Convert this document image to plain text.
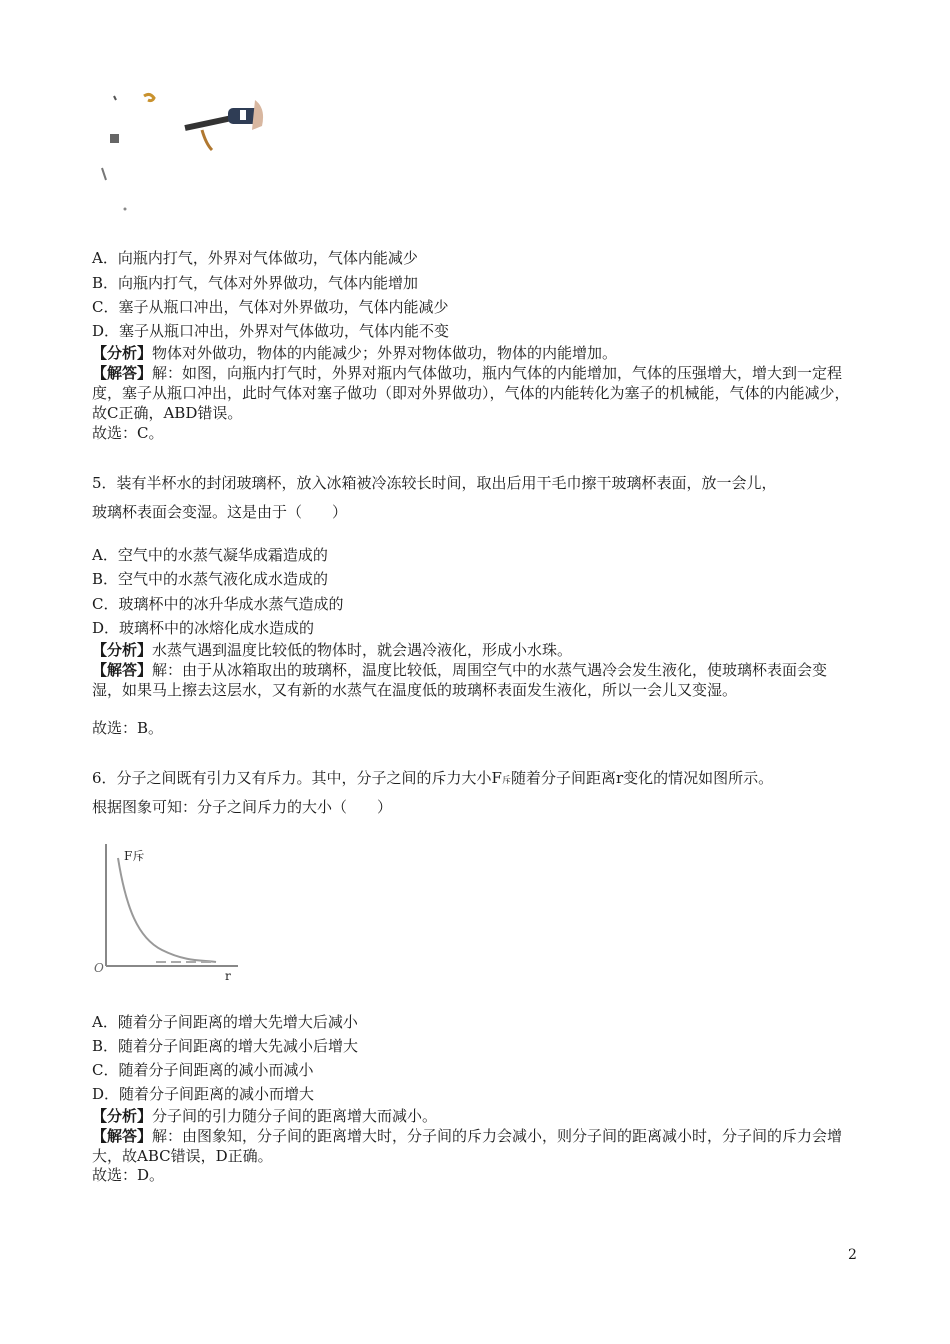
A．向瓶内打气，外界对气体做功，气体内能减少
B．向瓶内打气，气体对外界做功，气体内能增加
C．塞子从瓶口冲出，气体对外界做功，气体内能减少
D．塞子从瓶口冲出，外界对气体做功，气体内能不变
【分析】物体对外做功，物体的内能减少；外界对物体做功，物体的内能增加。
【解答】解：如图，向瓶内打气时，外界对瓶内气体做功，瓶内气体的内能增加，气体的压强增大，增大到一定程度，塞子从瓶口冲出，此时气体对塞子做功（即对外界做功），气体的内能转化为塞子的机械能，气体的内能减少，故C正确，ABD错误。
故选：C。
5．装有半杯水的封闭玻璃杯，放入冰箱被冷冻较长时间，取出后用干毛巾擦干玻璃杯表面，放一会儿，
玻璃杯表面会变湿。这是由于（　　）
A．空气中的水蒸气凝华成霜造成的
B．空气中的水蒸气液化成水造成的
C．玻璃杯中的冰升华成水蒸气造成的
D．玻璃杯中的冰熔化成水造成的
【分析】水蒸气遇到温度比较低的物体时，就会遇冷液化，形成小水珠。
【解答】解：由于从冰箱取出的玻璃杯，温度比较低，周围空气中的水蒸气遇冷会发生液化，使玻璃杯表面会变湿，如果马上擦去这层水，又有新的水蒸气在温度低的玻璃杯表面发生液化，所以一会儿又变湿。
故选：B。
6．分子之间既有引力又有斥力。其中，分子之间的斥力大小F斥随着分子间距离r变化的情况如图所示。
根据图象可知：分子之间斥力的大小（　　）
F斥
O
r
A．随着分子间距离的增大先增大后减小
B．随着分子间距离的增大先减小后增大
C．随着分子间距离的减小而减小
D．随着分子间距离的减小而增大
【分析】分子间的引力随分子间的距离增大而减小。
【解答】解：由图象知，分子间的距离增大时，分子间的斥力会减小，则分子间的距离减小时，分子间的斥力会增大，故ABC错误，D正确。
故选：D。
2
